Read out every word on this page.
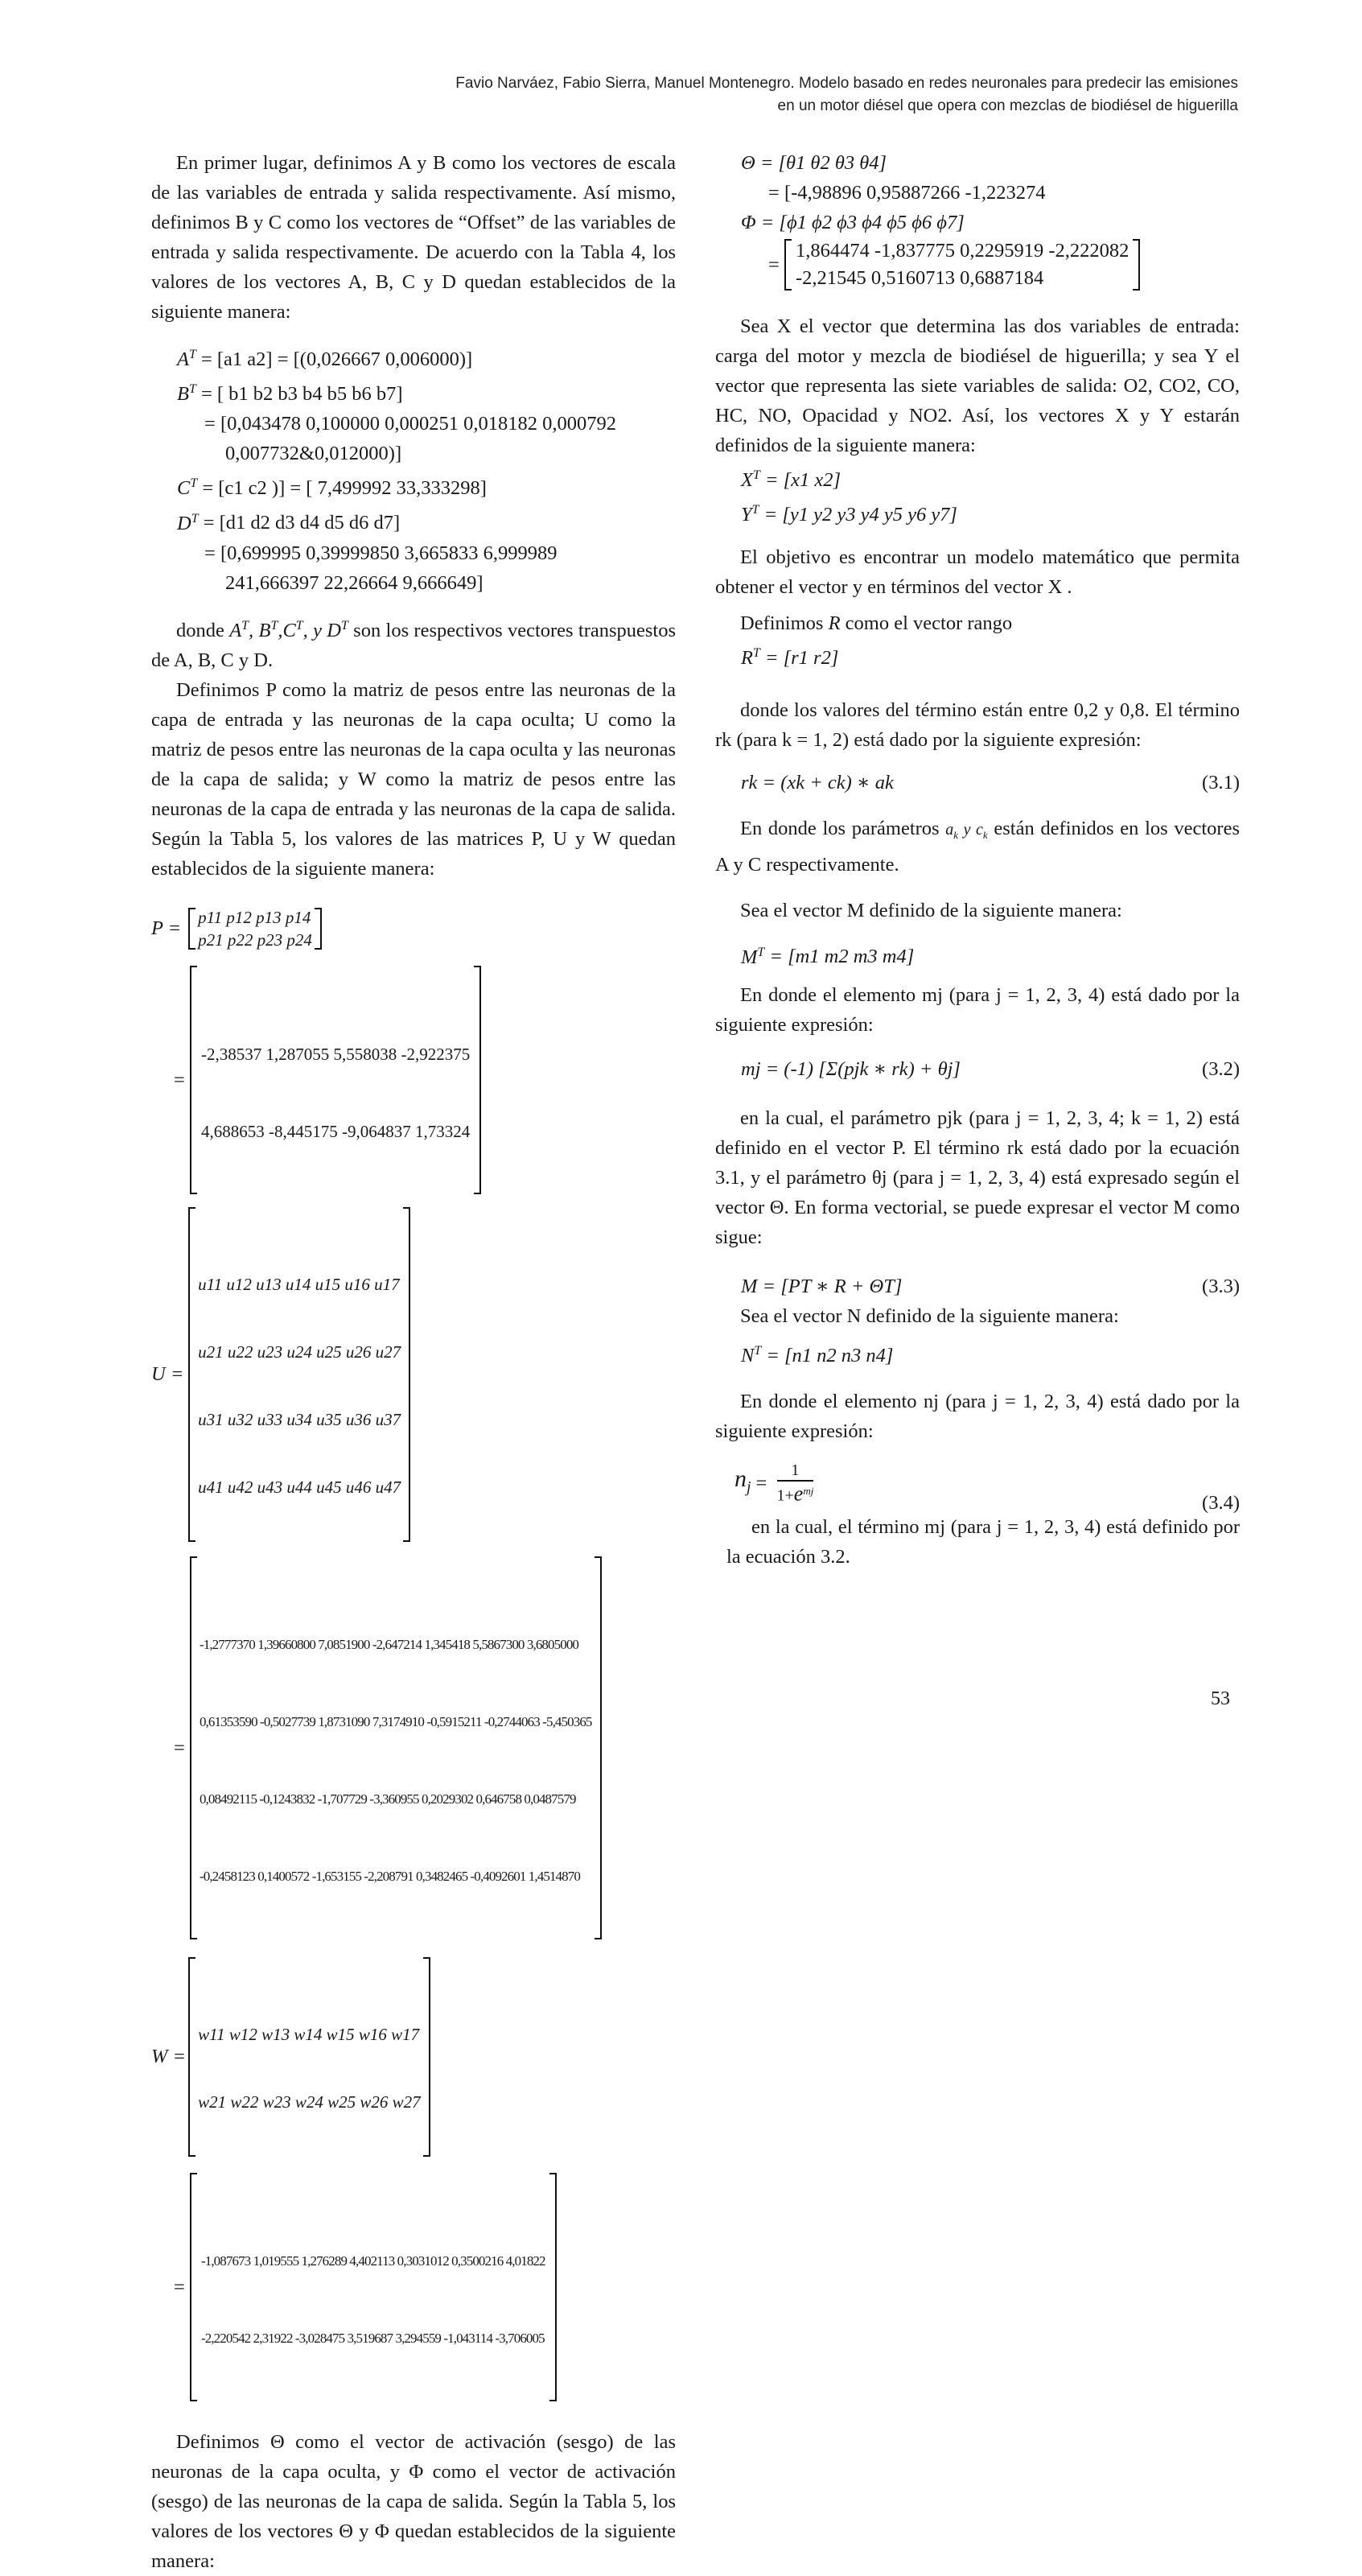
Favio Narváez, Fabio Sierra, Manuel Montenegro. Modelo basado en redes neuronales para predecir las emisiones
en un motor diésel que opera con mezclas de biodiésel de higuerilla

En primer lugar, definimos A y B como los vectores de escala de las variables de entrada y salida respectivamente. Así mismo, definimos B y C como los vectores de “Offset” de las variables de entrada y salida respectivamente. De acuerdo con la Tabla 4, los valores de los vectores A, B, C y D quedan establecidos de la siguiente manera:

$A^T = [a1$ a2] = [(0,026667 0,006000)]
$B^T$ = [ b1 b2 b3 b4 b5 b6 b7]
= [0,043478 0,100000 0,000251 0,018182 0,000792
0,007732&0,012000)]
$C^T = [c1$ c2 )] = [ 7,499992 33,333298]
$D^T = [d1$ d2 d3 d4 d5 d6 d7]
= [0,699995 0,39999850 3,665833 6,999989
241,666397 22,26664 9,666649]

donde $A^T$, $B^T,C^T$, y $D^T$ son los respectivos vectores transpuestos de A, B, C y D.

Definimos P como la matriz de pesos entre las neuronas de la capa de entrada y las neuronas de la capa oculta; U como la matriz de pesos entre las neuronas de la capa oculta y las neuronas de la capa de salida; y W como la matriz de pesos entre las neuronas de la capa de entrada y las neuronas de la capa de salida. Según la Tabla 5, los valores de las matrices P, U y W quedan establecidos de la siguiente manera:

P =
p11 p12 p13 p14
p21 p22 p23 p24
=

-2,38537 1,287055 5,558038 -2,922375

4,688653 -8,445175 -9,064837 1,73324

U =

u11 u12 u13 u14 u15 u16 u17

u21 u22 u23 u24 u25 u26 u27

u31 u32 u33 u34 u35 u36 u37

u41 u42 u43 u44 u45 u46 u47

=

-1,2777370 1,39660800 7,0851900 -2,647214 1,345418 5,5867300 3,6805000

0,61353590 -0,5027739 1,8731090 7,3174910 -0,5915211 -0,2744063 -5,450365

0,08492115 -0,1243832 -1,707729 -3,360955 0,2029302 0,646758 0,0487579

-0,2458123 0,1400572 -1,653155 -2,208791 0,3482465 -0,4092601 1,4514870

W =

w11 w12 w13 w14 w15 w16 w17

w21 w22 w23 w24 w25 w26 w27

=

-1,087673 1,019555 1,276289 4,402113 0,3031012 0,3500216 4,01822

-2,220542 2,31922 -3,028475 3,519687 3,294559 -1,043114 -3,706005

Definimos Θ como el vector de activación (sesgo) de las neuronas de la capa oculta, y Φ como el vector de activación (sesgo) de las neuronas de la capa de salida. Según la Tabla 5, los valores de los vectores Θ y Φ quedan establecidos de la siguiente manera:

Θ = [θ1 θ2 θ3 θ4]
= [-4,98896 0,95887266 -1,223274
Φ = [ϕ1 ϕ2 ϕ3 ϕ4 ϕ5 ϕ6 ϕ7]
=
1,864474 -1,837775 0,2295919 -2,222082
-2,21545 0,5160713 0,6887184

Sea X el vector que determina las dos variables de entrada: carga del motor y mezcla de biodiésel de higuerilla; y sea Y el vector que representa las siete variables de salida: O2, CO2, CO, HC, NO, Opacidad y NO2. Así, los vectores X y Y estarán definidos de la siguiente manera:

$X^T = [x1$ x2]
$Y^T = [y1$ y2 y3 y4 y5 y6 y7]

El objetivo es encontrar un modelo matemático que permita obtener el vector y en términos del vector X .

Definimos R como el vector rango

$R^T = [r1$ r2]

donde los valores del término están entre 0,2 y 0,8. El término rk (para k = 1, 2) está dado por la siguiente expresión:

rk = (xk + ck) ∗ ak	(3.1)

En donde los parámetros $a_k$ y $c_k$ están definidos en los vectores A y C respectivamente.

Sea el vector M definido de la siguiente manera:

$M^T = [m1$ m2 m3 m4]

En donde el elemento mj (para j = 1, 2, 3, 4) está dado por la siguiente expresión:

mj = (-1) [Σ(pjk ∗ rk) + θj]	(3.2)

en la cual, el parámetro pjk (para j = 1, 2, 3, 4; k = 1, 2) está definido en el vector P. El término rk está dado por la ecuación 3.1, y el parámetro θj (para j = 1, 2, 3, 4) está expresado según el vector Θ. En forma vectorial, se puede expresar el vector M como sigue:

M = [PT ∗ R + ΘT]	(3.3)

Sea el vector N definido de la siguiente manera:

$N^T = [n1$ n2 n3 n4]

En donde el elemento nj (para j = 1, 2, 3, 4) está dado por la siguiente expresión:

$n_j = \frac{1}{1+e^{mj}}$	(3.4)

en la cual, el término mj (para j = 1, 2, 3, 4) está definido por la ecuación 3.2.

53
